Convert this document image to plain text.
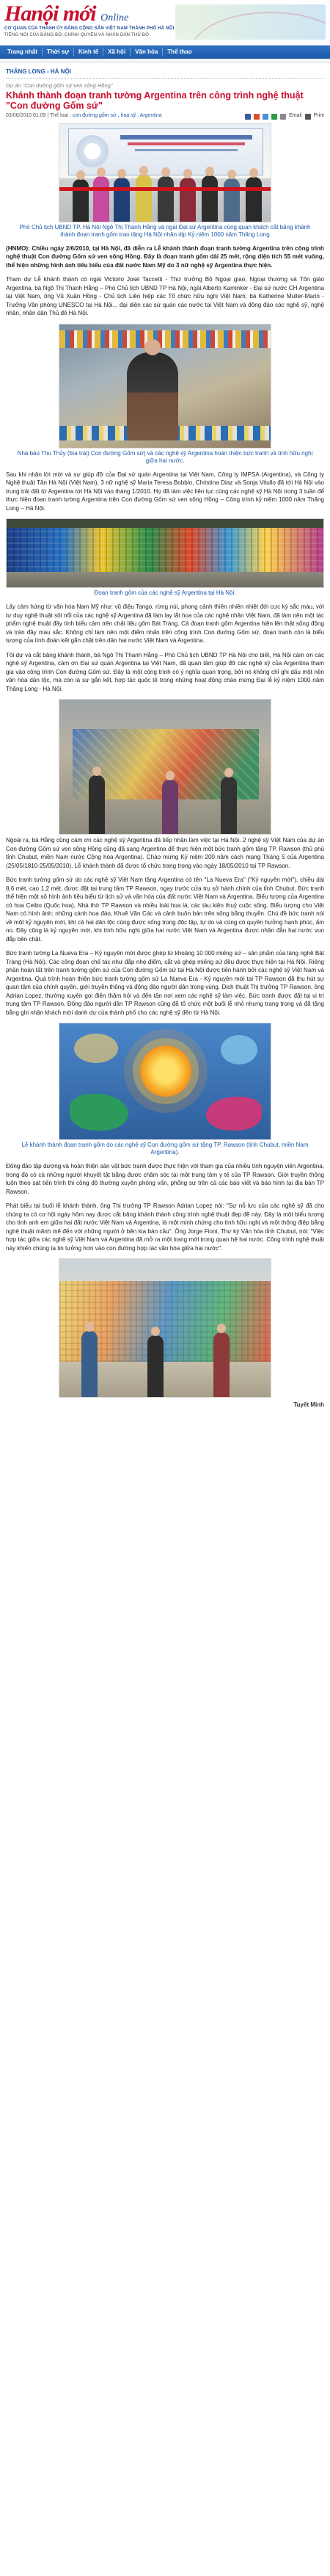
Hanội mới Online
CƠ QUAN CỦA THÀNH ỦY ĐẢNG CỘNG SẢN VIỆT NAM THÀNH PHỐ HÀ NỘI
TIẾNG NÓI CỦA ĐẢNG BỘ, CHÍNH QUYỀN VÀ NHÂN DÂN THỦ ĐÔ
Trang nhất	Thời sự	Kinh tế	Xã hội	Văn hóa	Thể thao
THĂNG LONG - HÀ NỘI
Dự án "Con đường gốm sứ ven sông Hồng"
Khánh thành đoạn tranh tường Argentina trên công trình nghệ thuật "Con đường Gốm sứ"
03/06/2010 01:09 | Thể loại : con đường gốm sứ , hoạ sỹ , Argentina	Email Print
Phó Chủ tịch UBND TP. Hà Nội Ngô Thị Thanh Hằng và ngài Đại sứ Argentina cùng quan khách cắt băng khánh thành đoạn tranh gốm trao tặng Hà Nội nhân dịp Kỷ niệm 1000 năm Thăng Long

(HNMO): Chiều ngày 2/6/2010, tại Hà Nội, đã diễn ra Lễ khánh thành đoạn tranh tường Argentina trên công trình nghệ thuật Con đường Gốm sứ ven sông Hồng. Đây là đoạn tranh gốm dài 25 mét, rộng diện tích 55 mét vuông, thể hiện những hình ảnh tiêu biểu của đất nước Nam Mỹ do 3 nữ nghệ sỹ Argentina thực hiện.

Tham dự Lễ khánh thành có ngài Victorio José Taccetti - Thứ trưởng Bộ Ngoại giao, Ngoại thương và Tôn giáo Argentina, bà Ngô Thị Thanh Hằng – Phó Chủ tịch UBND TP Hà Nội, ngài Alberto Kaminker - Đại sứ nước CH Argentina tại Việt Nam, ông Vũ Xuân Hồng - Chủ tịch Liên hiệp các Tổ chức hữu nghị Việt Nam, bà Katherine Muller-Marin - Trưởng Văn phòng UNESCO tại Hà Nội... đại diện các sứ quán các nước tại Việt Nam và đông đảo các nghệ sỹ, nghệ nhân, nhân dân Thủ đô Hà Nội.

Nhà báo Thu Thủy (bìa trái) Con đường Gốm sứ) và các nghệ sỹ Argentina hoàn thiện bức tranh và tình hữu nghị giữa hai nước.

Sau khi nhận lời mời và sự giúp đỡ của Đại sứ quán Argentina tại Việt Nam, Công ty IMPSA (Argentina), và Công ty Nghệ thuật Tân Hà Nội (Việt Nam), 3 nữ nghệ sỹ Maria Teresa Bobbio, Christina Diaz và Sonja Vitullo đã tới Hà Nội vào trung trải đất từ Argentina tới Hà Nội vào tháng 1/2010. Họ đã làm việc liên tục cùng các nghệ sỹ Hà Nội trong 3 tuần để thực hiện đoạn tranh tường Argentina trên Con đường Gốm sứ ven sông Hồng – Công trình kỷ niệm 1000 năm Thăng Long – Hà Nội.

Đoạn tranh gốm của các nghệ sỹ Argentina tại Hà Nội.

Lấy cảm hứng từ văn hóa Nam Mỹ như: vũ điệu Tango, rừng núi, phong cảnh thiên nhiên nhiệt đới cực kỳ sắc màu, với tư duy nghệ thuật sôi nổi của các nghệ sỹ Argentina đã làm lay lắt hoa của các nghệ nhân Việt Nam, đã làm nên một tác phẩm nghệ thuật đầy tính biểu cảm trên chất liệu gốm Bát Tràng. Cả đoạn tranh gốm Argentina hiện lên thật sống động và tràn đầy màu sắc. Không chỉ làm nên một điểm nhấn trên công trình Con đường Gốm sứ, đoạn tranh còn là biểu tượng của tình đoàn kết gắn chặt trên dân hai nước Việt Nam và Argentina.

Tối dự và cắt băng khánh thành, bà Ngô Thị Thanh Hằng – Phó Chủ tịch UBND TP Hà Nội cho biết, Hà Nội cảm ơn các nghệ sỹ Argentina, cảm ơn Đại sứ quán Argentina tại Việt Nam, đã quan tâm giúp đỡ các nghệ sỹ của Argentina tham gia vào công trình Con đường Gốm sứ. Đây là một công trình có ý nghĩa quan trọng, bởi nó không chỉ ghi dấu một nền văn hóa dân tộc, mà còn là sự gắn kết, hợp tác quốc tế trong những hoạt động chào mừng Đại lễ kỷ niệm 1000 năm Thăng Long - Hà Nội.

Ngoài ra, bà Hằng cũng cảm ơn các nghệ sỹ Argentina đã tiếp nhận làm việc tại Hà Nội. 2 nghệ sỹ Việt Nam của dự án Con đường Gốm sứ ven sông Hồng cũng đã sang Argentina để thực hiện một bức tranh gốm tặng TP. Rawson (thủ phủ tỉnh Chubut, miền Nam nước Cộng hòa Argentina). Chào mừng Kỷ niệm 200 năm cách mạng Tháng 5 của Argentina (25/05/1810-25/05/2010). Lễ khánh thành đã được tổ chức trang trọng vào ngày 18/05/2010 tại TP Rawson.

Bức tranh tường gốm sứ do các nghệ sỹ Việt Nam tặng Argentina có tên "La Nueva Era" ("Kỷ nguyên mới"), chiều dài 8,6 mét, cao 1,2 mét, được đặt tại trung tâm TP Rawson, ngay trước cửa trụ sở hành chính của tỉnh Chubut. Bức tranh thể hiện một số hình ảnh tiêu biểu từ lịch sử và văn hóa của đất nước Việt Nam và Argentina. Biểu tượng của Argentina có hoa Ceibo (Quốc hoa), Nhà thờ TP Rawson và nhiều loài hoa lá, các tàu kiện thuỷ cuộc sống. Biểu tượng cho Việt Nam có hình ảnh: những cánh hoa đào, Khuê Văn Các và cảnh buôn bán trên sông bằng thuyền. Chú đề bức tranh nói về một kỷ nguyên mới, khi cả hai dân tộc cùng được sống trong độc lập, tự do và cùng có quyền hưởng hạnh phúc, ấm no. Đây cũng là kỷ nguyên mới, khi tình hữu nghị giữa hai nước Việt Nam và Argentina được nhân đẫn hai nước vun đắp bền chặt.

Bức tranh tường La Nueva Era – Kỷ nguyên mới được ghép từ khoảng 10 000 miếng sứ – sản phẩm của làng nghề Bát Tràng (Hà Nội). Các công đoạn chế tác như đắp nhẹ điểm, cắt và ghép miếng sứ đều được thực hiện tại Hà Nội. Riêng phần hoàn tất trên tranh tường gốm sứ của Con đường Gốm sứ tại Hà Nội được tiến hành bởi các nghệ sỹ Việt Nam và Argentina. Quá trình hoàn thiện bức tranh tường gốm sứ La Nueva Era - Kỷ nguyên mới tại TP Rawson đã thu hút sự quan tâm của chính quyền, giới truyền thông và đông đảo người dân trong vùng. Dịch thuật Thị trưởng TP Rawson, ông Adrian Lopez, thường xuyên gọi điện thăm hỏi và đến tận nơi xem các nghệ sỹ làm việc. Bức tranh được đặt tại vị trí trung tâm TP Rawson. Đông đảo người dân TP Rawson cũng đã tổ chức một buổi lễ nhỏ nhưng trang trọng và đã tặng bằng ghi nhận khách mời danh dự của thành phố cho các nghệ sỹ đến từ Hà Nội.

Lễ khánh thành đoạn tranh gốm do các nghệ sỹ Con đường gốm sứ tặng TP. Rawson (tỉnh Chubut, miền Nam Argentina).

Đông đảo tập dượng và hoàn thiện sản vật bức tranh được thực hiện với tham gia của nhiều tình nguyện viên Argentina, trong đó có cả những người khuyết tật bằng được chăm sóc tại một trung tâm y tế của TP Rawson. Giới truyền thông luôn theo sát tiến trình thi công độ thường xuyên phỏng vấn, phổng sự trên cả các báo viết và báo hình tại địa bàn TP Rawson.

Phát biểu tại buổi lễ khánh thành, ông Thị trưởng TP Rawson Adrian Lopez nói: "Sự nỗ lực của các nghệ sỹ đã cho chúng ta có cơ hội ngày hôm nay được cắt băng khánh thành công trình nghệ thuật đẹp đẽ này. Đây là một biểu tượng cho tình anh em giữa hai đất nước Việt Nam và Argentina, là một minh chứng cho tình hữu nghị và một thông điệp bằng nghệ thuật mãnh mẽ đến với những người ở bên kia bán cầu". Ông Jorge Fioni, Thư ký Văn hóa tỉnh Chubut, nói: "Việc hợp tác giữa các nghệ sỹ Việt Nam và Argentina đã mở ra một trang mới trong quan hệ hai nước. Công trình nghệ thuật này khiến chúng ta tin tưởng hơn vào con đường hợp tác văn hóa giữa hai nước".

Tuyết Minh
